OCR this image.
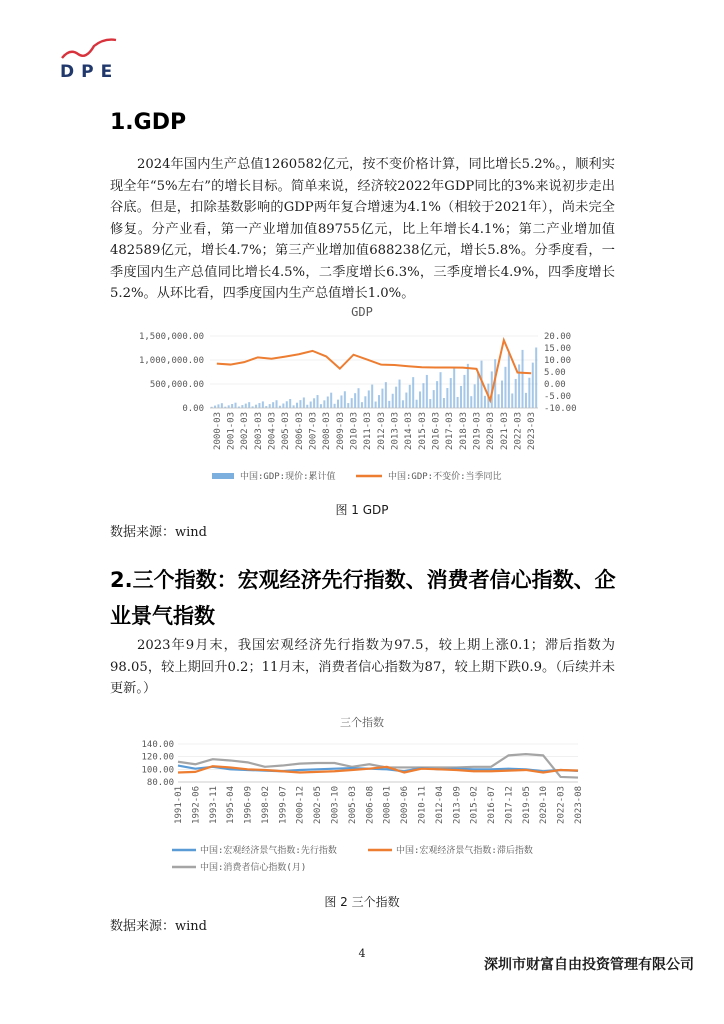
DPE
1.GDP

2024年国内生产总值1260582亿元，按不变价格计算，同比增长5.2%。，顺利实现全年“5%左右”的增长目标。简单来说，经济较2022年GDP同比的3%来说初步走出谷底。但是，扣除基数影响的GDP两年复合增速为4.1%（相较于2021年），尚未完全修复。分产业看，第一产业增加值89755亿元，比上年增长4.1%；第二产业增加值482589亿元，增长4.7%；第三产业增加值688238亿元，增长5.8%。分季度看，一季度国内生产总值同比增长4.5%，二季度增长6.3%，三季度增长4.9%，四季度增长 5.2%。从环比看，四季度国内生产总值增长1.0%。

GDP
1,500,000.00
1,000,000.00
500,000.00
0.00
20.00
15.00
10.00
5.00
0.00
-5.00
-10.00
2000-03 2001-03 2002-03 2003-03 2004-03 2005-03 2006-03 2007-03 2008-03 2009-03 2010-03 2011-03 2012-03 2013-03 2014-03 2015-03 2016-03 2017-03 2018-03 2019-03 2020-03 2021-03 2022-03 2023-03
中国:GDP:现价:累计值	中国:GDP:不变价:当季同比
图 1 GDP
数据来源：wind
2.三个指数：宏观经济先行指数、消费者信心指数、企业景气指数

2023年9月末，我国宏观经济先行指数为97.5，较上期上涨0.1；滞后指数为98.05，较上期回升0.2；11月末，消费者信心指数为87，较上期下跌0.9。（后续并未更新。）

三个指数
140.00
120.00
100.00
80.00
1991-01 1992-06 1993-11 1995-04 1996-09 1998-02 1999-07 2000-12 2002-05 2003-10 2005-03 2006-08 2008-01 2009-06 2010-11 2012-04 2013-09 2015-02 2016-07 2017-12 2019-05 2020-10 2022-03 2023-08
中国:宏观经济景气指数:先行指数	中国:宏观经济景气指数:滞后指数
中国:消费者信心指数(月)
图 2 三个指数
数据来源：wind
4
深圳市财富自由投资管理有限公司
